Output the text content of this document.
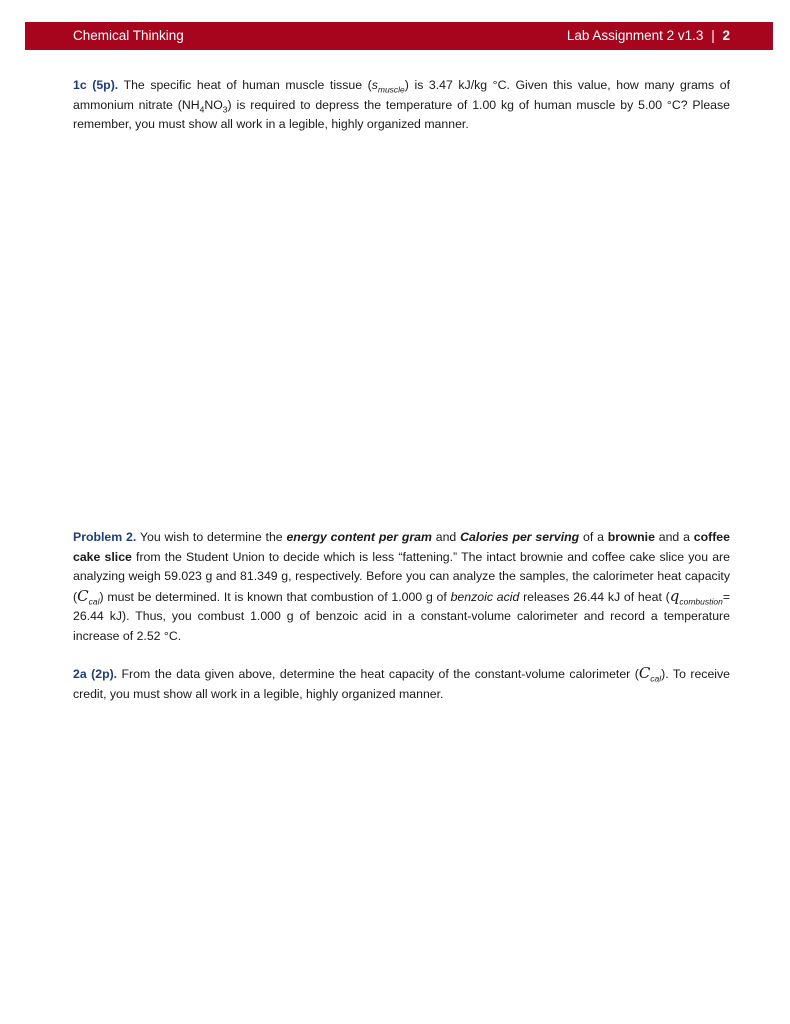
Chemical Thinking	Lab Assignment 2 v1.3 | 2

1c (5p). The specific heat of human muscle tissue $(s_{muscle})$ is 3.47 kJ/kg °C. Given this value, how many grams of ammonium nitrate $(NH_4NO_3)$ is required to depress the temperature of 1.00 kg of human muscle by 5.00 °C? Please remember, you must show all work in a legible, highly organized manner.

Problem 2. You wish to determine the energy content per gram and Calories per serving of a brownie and a coffee cake slice from the Student Union to decide which is less “fattening.” The intact brownie and coffee cake slice you are analyzing weigh 59.023 g and 81.349 g, respectively. Before you can analyze the samples, the calorimeter heat capacity $(C_{cal})$ must be determined. It is known that combustion of 1.000 g of benzoic acid releases 26.44 kJ of heat ($q_{combustion}= 26.44$ kJ). Thus, you combust 1.000 g of benzoic acid in a constant-volume calorimeter and record a temperature increase of 2.52 °C.

2a (2p). From the data given above, determine the heat capacity of the constant-volume calorimeter $(C_{cal})$. To receive credit, you must show all work in a legible, highly organized manner.
